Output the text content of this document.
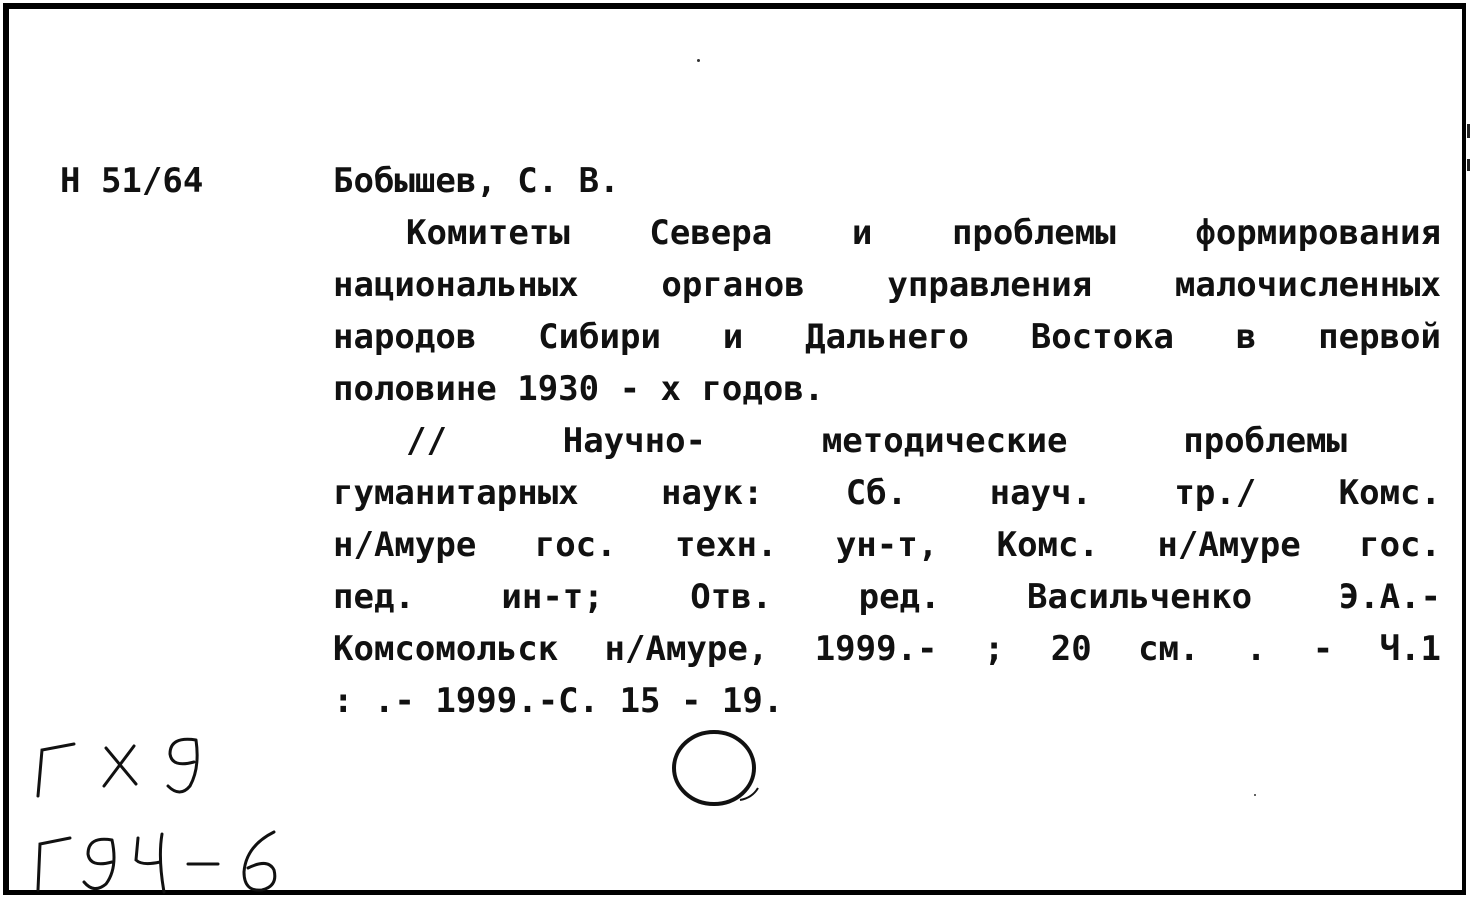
Н 51/64	Бобышев, С. В.
Комитеты Севера и проблемы формирования
национальных органов управления малочисленных
народов Сибири и Дальнего Востока в первой
половине 1930 - х годов.
// Научно- методические проблемы
гуманитарных наук: Сб. науч. тр./ Комс.
н/Амуре гос. техн. ун-т, Комс. н/Амуре гос.
пед. ин-т; Отв. ред. Васильченко Э.А.-
Комсомольск н/Амуре, 1999.- ; 20 см. . - Ч.1
: .- 1999.-С. 15 - 19.
